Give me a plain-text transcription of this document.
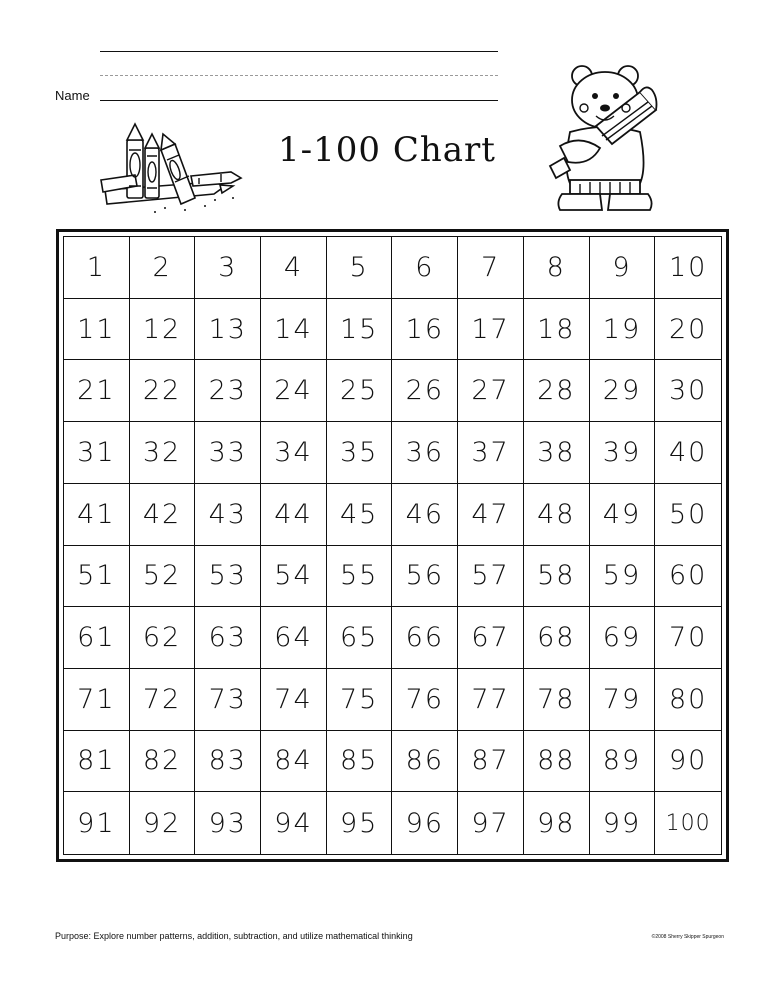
Name
1-100 Chart
1	2	3	4	5	6	7	8	9	10
11	12	13	14	15	16	17	18	19	20
21	22	23	24	25	26	27	28	29	30
31	32	33	34	35	36	37	38	39	40
41	42	43	44	45	46	47	48	49	50
51	52	53	54	55	56	57	58	59	60
61	62	63	64	65	66	67	68	69	70
71	72	73	74	75	76	77	78	79	80
81	82	83	84	85	86	87	88	89	90
91	92	93	94	95	96	97	98	99	100
Purpose: Explore number patterns, addition, subtraction, and utilize mathematical thinking	©2008 Sherry Skipper Spurgeon
